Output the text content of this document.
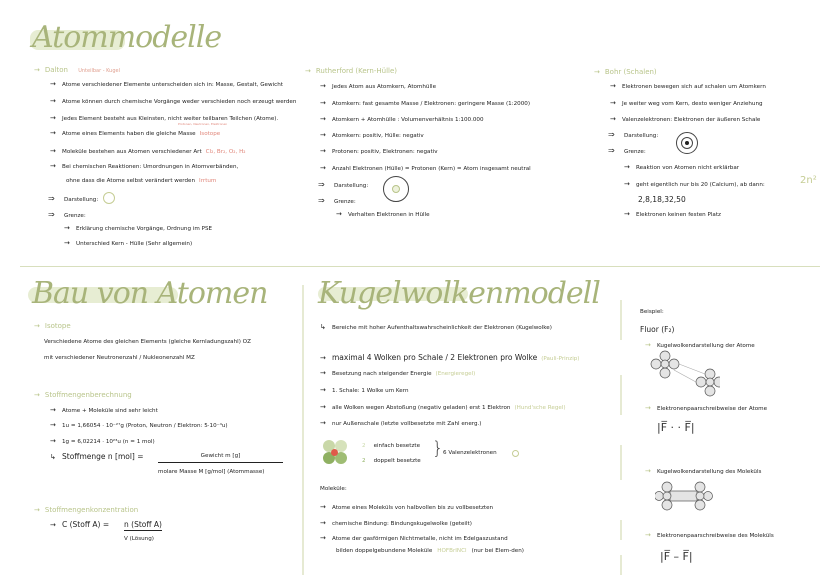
Atommodelle
→ Dalton Unteilbar - Kugel
→ Atome verschiedener Elemente unterscheiden sich in: Masse, Gestalt, Gewicht
→ Atome können durch chemische Vorgänge weder verschieden noch erzeugt werden
→ Jedes Element besteht aus Kleinsten, nicht weiter teilbaren Teilchen (Atome).
Protonen, Neutronen, Elektronen
→ Atome eines Elements haben die gleiche Masse Isotope
→ Moleküle bestehen aus Atomen verschiedener Art Cl₂, Br₂, O₂, H₂
→ Bei chemischen Reaktionen: Umordnungen in Atomverbänden,
ohne dass die Atome selbst verändert werden Irrtum
⇒ Darstellung:
⇒ Grenze:
→ Erklärung chemische Vorgänge, Ordnung im PSE
→ Unterschied Kern - Hülle (Sehr allgemein)
→ Rutherford (Kern-Hülle)
→ Jedes Atom aus Atomkern, Atomhülle
→ Atomkern: fast gesamte Masse / Elektronen: geringere Masse (1:2000)
→ Atomkern + Atomhülle : Volumenverhältnis 1:100.000
→ Atomkern: positiv, Hülle: negativ
→ Protonen: positiv, Elektronen: negativ
→ Anzahl Elektronen (Hülle) = Protonen (Kern) = Atom insgesamt neutral
⇒ Darstellung:
⇒ Grenze:
→ Verhalten Elektronen in Hülle
→ Bohr (Schalen)
→ Elektronen bewegen sich auf schalen um Atomkern
→ Je weiter weg vom Kern, desto weniger Anziehung
→ Valenzelektronen: Elektronen der äußeren Schale
⇒ Darstellung:
⇒ Grenze:
→ Reaktion von Atomen nicht erklärbar
→ geht eigentlich nur bis 20 (Calcium), ab dann:	2n²
2,8,18,32,50
→ Elektronen keinen festen Platz
Bau von Atomen
→ Isotope
Verschiedene Atome des gleichen Elements (gleiche Kernladungszahl) OZ
mit verschiedener Neutronenzahl / Nukleonenzahl MZ
→ Stoffmengenberechnung
→ Atome + Moleküle sind sehr leicht
→ 1u = 1,66054 · 10⁻²⁷g (Proton, Neutron / Elektron: 5·10⁻⁴u)
→ 1g = 6,02214 · 10²³u (n = 1 mol)
↳ Stoffmenge n [mol] =	Gewicht m [g]
molare Masse M [g/mol] (Atommasse)
→ Stoffmengenkonzentration
→ C (Stoff A) = n (Stoff A)
V (Lösung)
Kugelwolkenmodell
↳ Bereiche mit hoher Aufenthaltswahrscheinlichkeit der Elektronen (Kugelwolke)
→ maximal 4 Wolken pro Schale / 2 Elektronen pro Wolke (Pauli-Prinzip)
→ Besetzung nach steigender Energie (Energieregel)
→ 1. Schale: 1 Wolke um Kern
→ alle Wolken wegen Abstoßung (negativ geladen) erst 1 Elektron (Hund'sche Regel)
→ nur Außenschale (letzte vollbesetzte mit Zahl energ.)
2 einfach besetzte
2 doppelt besetzte
} 6 Valenzelektronen
Moleküle:
→ Atome eines Moleküls von halbvollen bis zu vollbesetzten
→ chemische Bindung: Bindungskugelwolke (geteilt)
→ Atome der gasförmigen Nichtmetalle, nicht im Edelgaszustand
bilden doppelgebundene Moleküle HOFBrINCl (nur bei Elem-den)
Beispiel:
Fluor (F₂)
→ Kugelwolkendarstellung der Atome
→ Elektronenpaarschreibweise der Atome
|F̅ · · F̅|
→ Kugelwolkendarstellung des Moleküls
→ Elektronenpaarschreibweise des Moleküls
|F̅ – F̅|
